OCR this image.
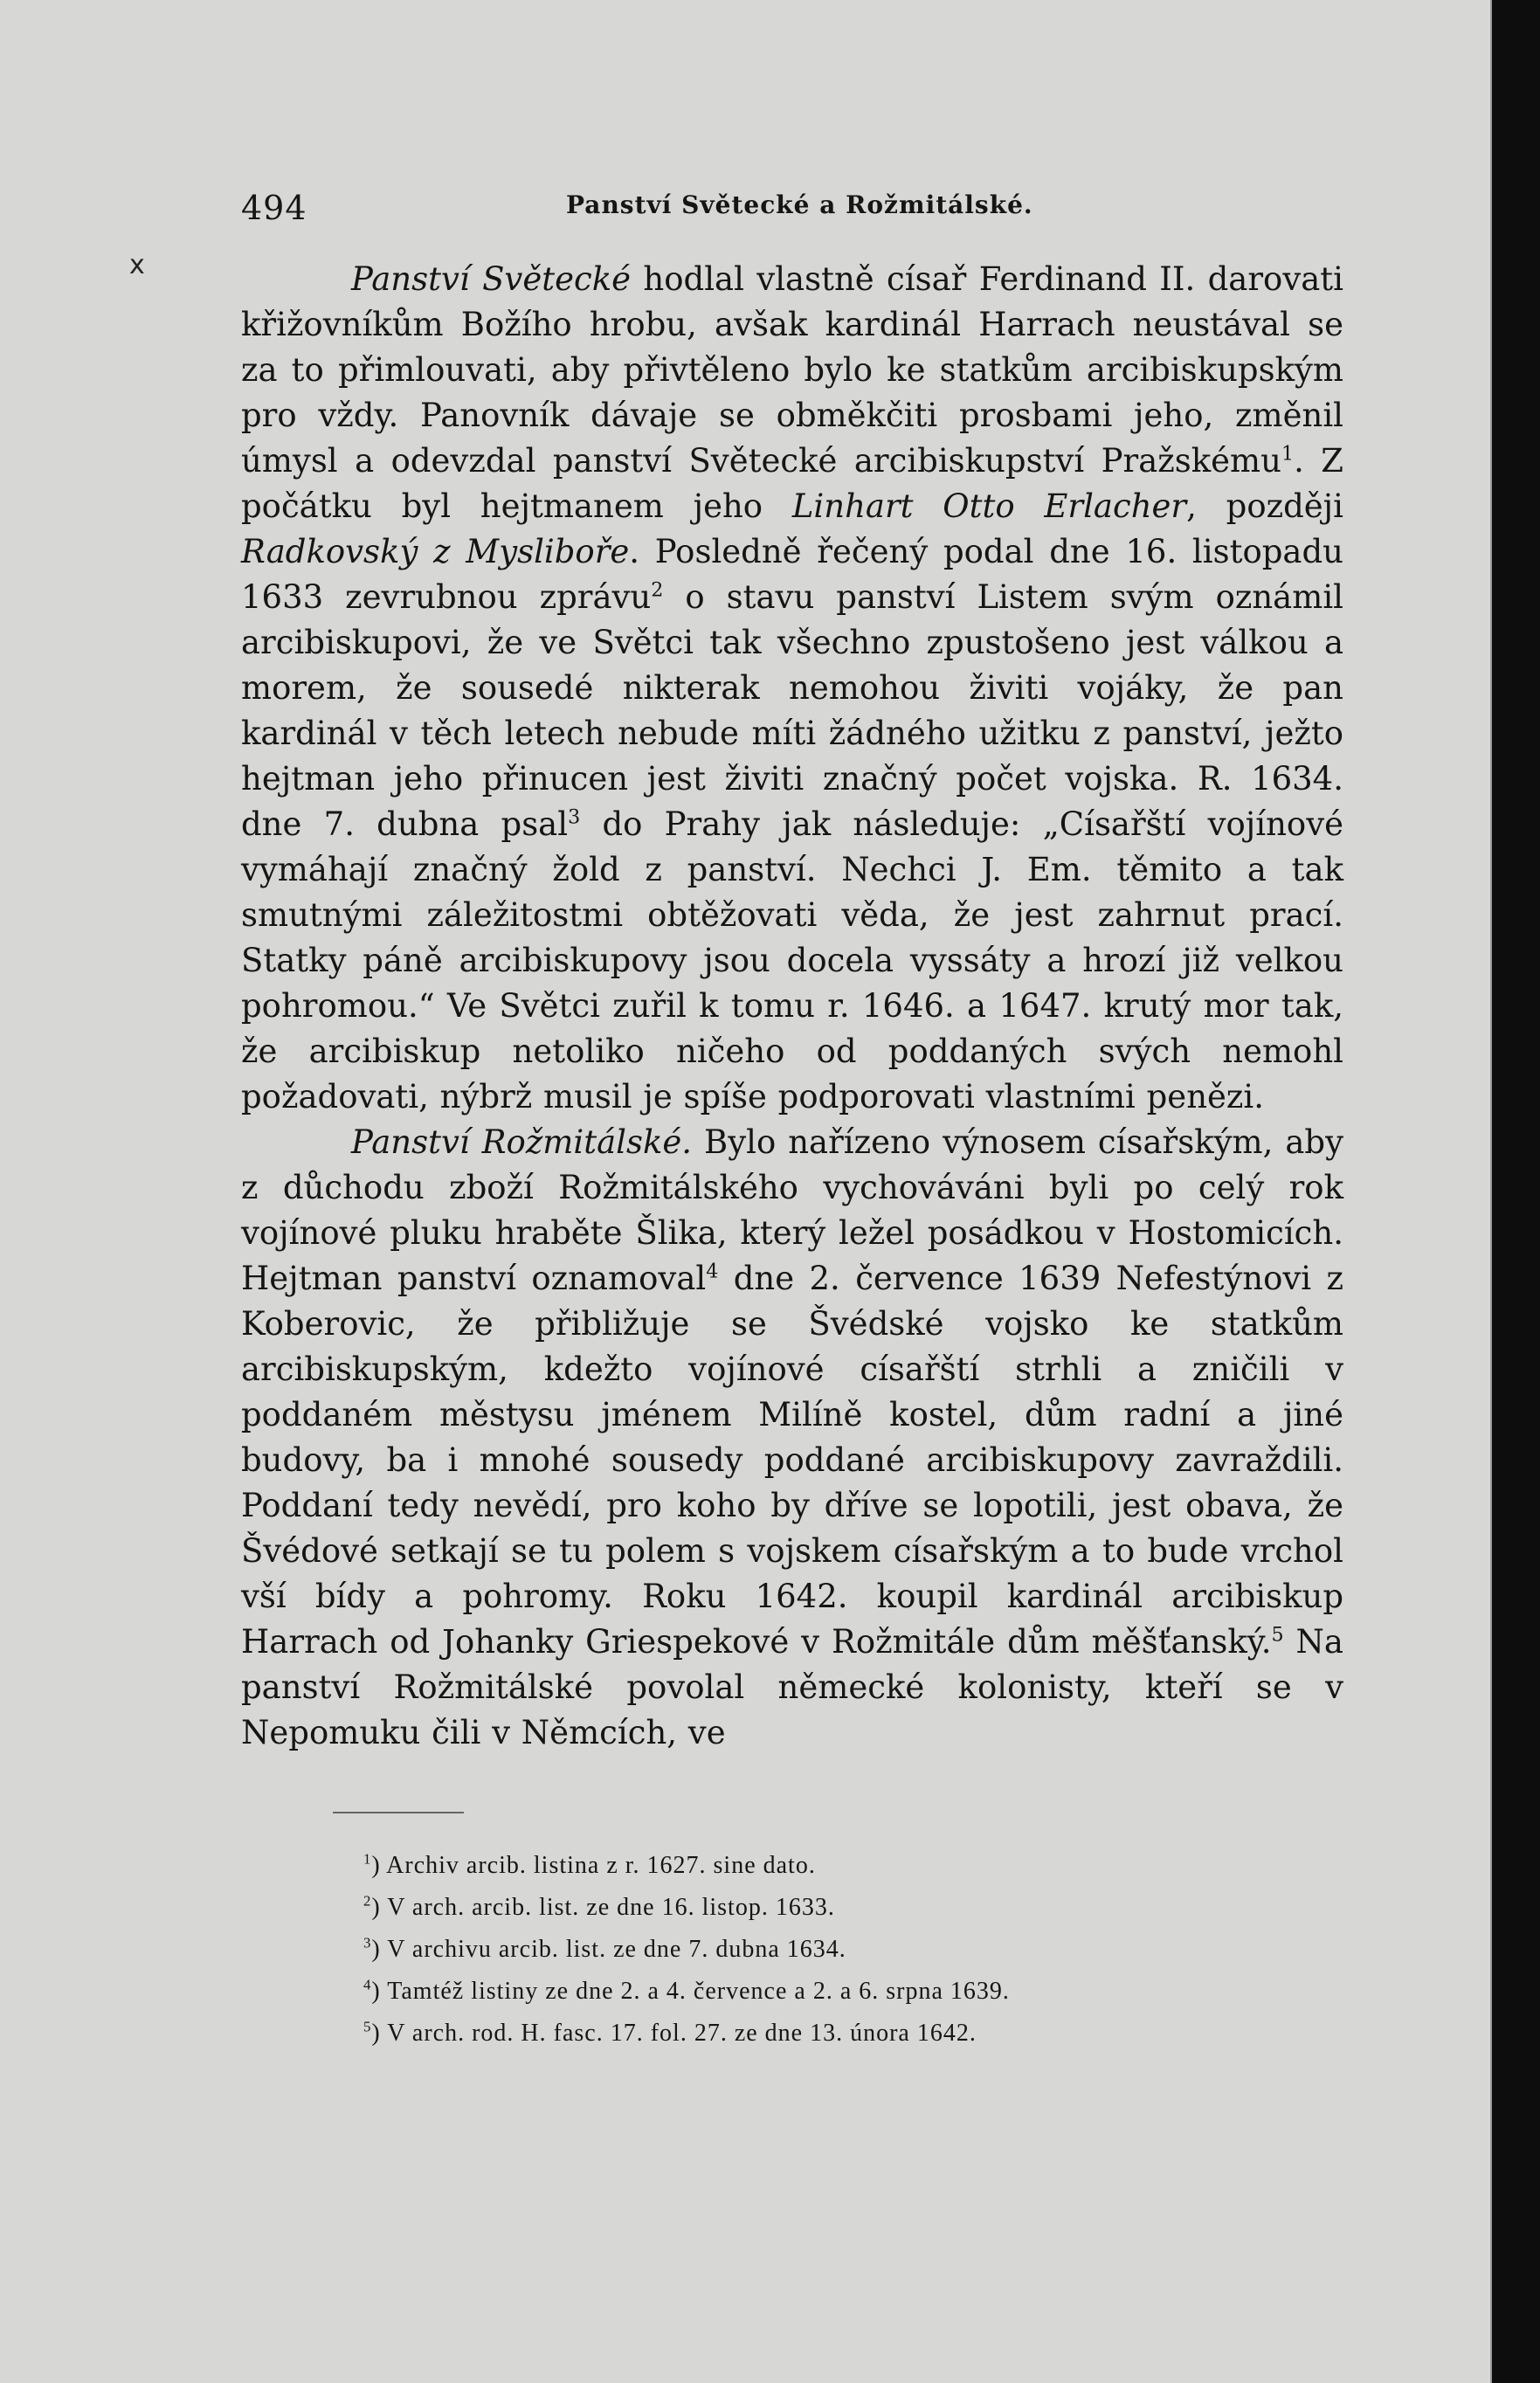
x
494	Panství Světecké a Rožmitálské.

Panství Světecké hodlal vlastně císař Ferdinand II. darovati křižovníkům Božího hrobu, avšak kardinál Harrach neustával se za to přimlouvati, aby přivtěleno bylo ke statkům arcibiskupským pro vždy. Panovník dávaje se obměkčiti prosbami jeho, změnil úmysl a odevzdal panství Světecké arcibiskupství Pražskému$^1$. Z počátku byl hejtmanem jeho Linhart Otto Erlacher, později Radkovský z Myslibořе. Posledně řečený podal dne 16. listopadu 1633 zevrubnou zprávu$^2$ o stavu panství Listem svým oznámil arcibiskupovi, že ve Světci tak všechno zpustošeno jest válkou a morem, že sousedé nikterak nemohou živiti vojáky, že pan kardinál v těch letech nebude míti žádného užitku z panství, ježto hejtman jeho přinucen jest živiti značný počet vojska. R. 1634. dne 7. dubna psal$^3$ do Prahy jak následuje: „Císařští vojínové vymáhají značný žold z panství. Nechci J. Em. těmito a tak smutnými záležitostmi obtěžovati věda, že jest zahrnut prací. Statky páně arcibiskupovy jsou docela vyssáty a hrozí již velkou pohromou.“ Ve Světci zuřil k tomu r. 1646. a 1647. krutý mor tak, že arcibiskup netoliko ničeho od poddaných svých nemohl požadovati, nýbrž musil je spíše podporovati vlastními penězi.

Panství Rožmitálské. Bylo nařízeno výnosem císařským, aby z důchodu zboží Rožmitálského vychováváni byli po celý rok vojínové pluku hraběte Šlika, který ležel posádkou v Hostomicích. Hejtman panství oznamoval$^4$ dne 2. července 1639 Nefestýnovi z Koberovic, že přibližuje se Švédské vojsko ke statkům arcibiskupským, kdežto vojínové císařští strhli a zničili v poddaném městysu jménem Milíně kostel, dům radní a jiné budovy, ba i mnohé sousedy poddané arcibiskupovy zavraždili. Poddaní tedy nevědí, pro koho by dříve se lopotili, jest obava, že Švédové setkají se tu polem s vojskem císařským a to bude vrchol vší bídy a pohromy. Roku 1642. koupil kardinál arcibiskup Harrach od Johanky Griespekové v Rožmitále dům měšťanský.$^5$ Na panství Rožmitálské povolal německé kolonisty, kteří se v Nepomuku čili v Němcích, ve

$^1$) Archiv arcib. listina z r. 1627. sine dato.

$^2$) V arch. arcib. list. ze dne 16. listop. 1633.

$^3$) V archivu arcib. list. ze dne 7. dubna 1634.

$^4$) Tamtéž listiny ze dne 2. a 4. července a 2. a 6. srpna 1639.

$^5$) V arch. rod. H. fasc. 17. fol. 27. ze dne 13. února 1642.
